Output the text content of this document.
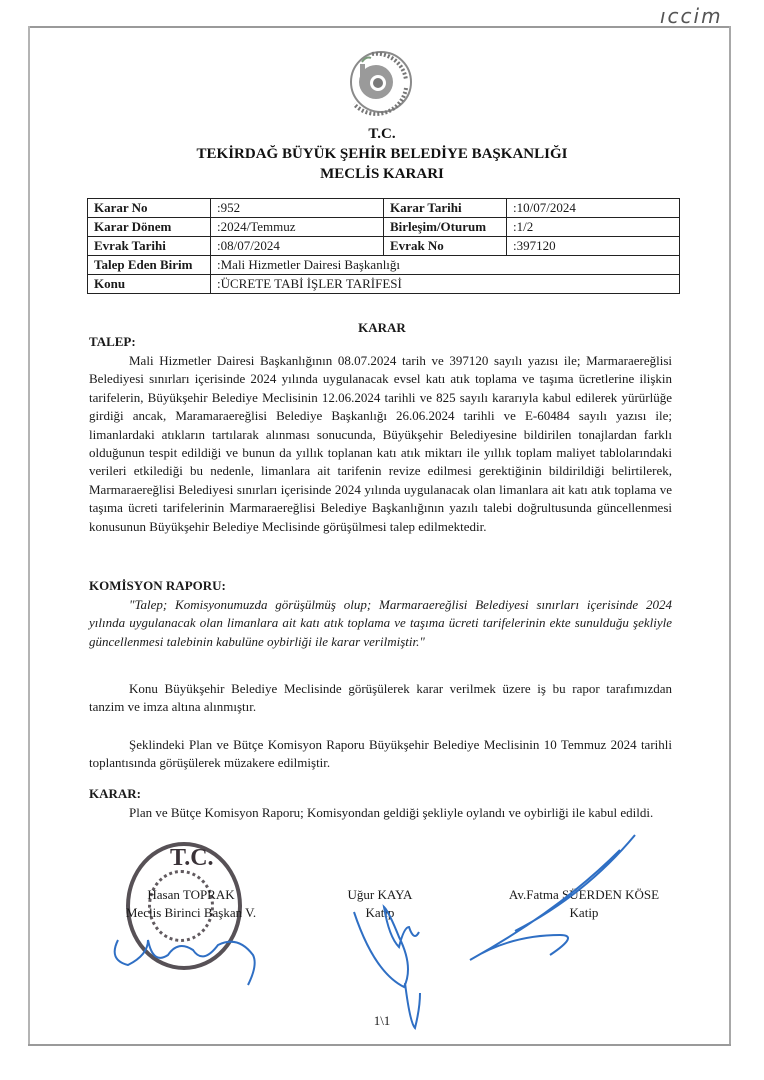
ıccim
T.C.
TEKİRDAĞ BÜYÜK ŞEHİR BELEDİYE BAŞKANLIĞI
MECLİS KARARI
Karar No	:952	Karar Tarihi	:10/07/2024
Karar Dönem	:2024/Temmuz	Birleşim/Oturum	:1/2
Evrak Tarihi	:08/07/2024	Evrak No	:397120
Talep Eden Birim	:Mali Hizmetler Dairesi Başkanlığı		
Konu	:ÜCRETE TABİ İŞLER TARİFESİ		
KARAR
TALEP:
Mali Hizmetler Dairesi Başkanlığının 08.07.2024 tarih ve 397120 sayılı yazısı ile; Marmaraereğlisi Belediyesi sınırları içerisinde 2024 yılında uygulanacak evsel katı atık toplama ve taşıma ücretlerine ilişkin tarifelerin, Büyükşehir Belediye Meclisinin 12.06.2024 tarihli ve 825 sayılı kararıyla kabul edilerek yürürlüğe girdiği ancak, Maramaraereğlisi Belediye Başkanlığı 26.06.2024 tarihli ve E-60484 sayılı yazısı ile; limanlardaki atıkların tartılarak alınması sonucunda, Büyükşehir Belediyesine bildirilen tonajlardan farklı olduğunun tespit edildiği ve bunun da yıllık toplanan katı atık miktarı ile yıllık toplam maliyet tablolarındaki verileri etkilediği bu nedenle, limanlara ait tarifenin revize edilmesi gerektiğinin bildirildiği belirtilerek, Marmaraereğlisi Belediyesi sınırları içerisinde 2024 yılında uygulanacak olan limanlara ait katı atık toplama ve taşıma ücreti tarifelerinin Marmaraereğlisi Belediye Başkanlığının yazılı talebi doğrultusunda güncellenmesi konusunun Büyükşehir Belediye Meclisinde görüşülmesi talep edilmektedir.
KOMİSYON RAPORU:
"Talep; Komisyonumuzda görüşülmüş olup; Marmaraereğlisi Belediyesi sınırları içerisinde 2024 yılında uygulanacak olan limanlara ait katı atık toplama ve taşıma ücreti tarifelerinin ekte sunulduğu şekliyle güncellenmesi talebinin kabulüne oybirliği ile karar verilmiştir."
Konu Büyükşehir Belediye Meclisinde görüşülerek karar verilmek üzere iş bu rapor tarafımızdan tanzim ve imza altına alınmıştır.
Şeklindeki Plan ve Bütçe Komisyon Raporu Büyükşehir Belediye Meclisinin 10 Temmuz 2024 tarihli toplantısında görüşülerek müzakere edilmiştir.
KARAR:
Plan ve Bütçe Komisyon Raporu; Komisyondan geldiği şekliyle oylandı ve oybirliği ile kabul edildi.
T.C.
Hasan TOPRAK
Meclis Birinci Başkan V.
Uğur KAYA
Katip
Av.Fatma SÜERDEN KÖSE
Katip
1\1
